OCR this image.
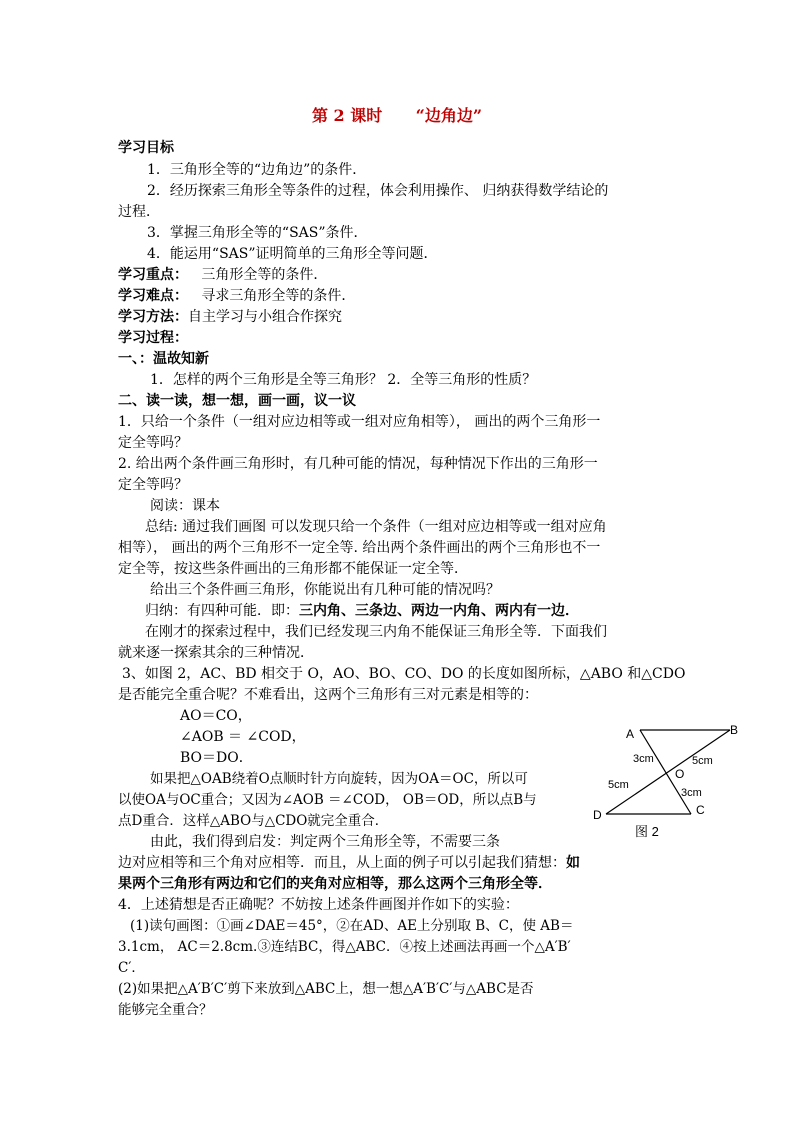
第 2 课时 “边角边”
学习目标
1．三角形全等的“边角边”的条件．
2．经历探索三角形全等条件的过程，体会利用操作、 归纳获得数学结论的
过程．
3．掌握三角形全等的“SAS”条件．
4．能运用“SAS”证明简单的三角形全等问题．
学习重点： 三角形全等的条件．
学习难点： 寻求三角形全等的条件．
学习方法：自主学习与小组合作探究
学习过程：
一、：温故知新
1．怎样的两个三角形是全等三角形？ 2．全等三角形的性质？
二、读一读，想一想，画一画，议一议
1．只给一个条件（一组对应边相等或一组对应角相等）， 画出的两个三角形一
定全等吗？
2. 给出两个条件画三角形时，有几种可能的情况，每种情况下作出的三角形一
定全等吗？
阅读：课本
总结: 通过我们画图 可以发现只给一个条件（一组对应边相等或一组对应角
相等）， 画出的两个三角形不一定全等. 给出两个条件画出的两个三角形也不一
定全等，按这些条件画出的三角形都不能保证一定全等．
给出三个条件画三角形，你能说出有几种可能的情况吗？
归纳：有四种可能．即：三内角、三条边、两边一内角、两内有一边．
在刚才的探索过程中，我们已经发现三内角不能保证三角形全等．下面我们
就来逐一探索其余的三种情况．
3、如图 2，AC、BD 相交于 O，AO、BO、CO、DO 的长度如图所标，△ABO 和△CDO
是否能完全重合呢？不难看出，这两个三角形有三对元素是相等的：
AO＝CO，
∠AOB ＝ ∠COD，
BO＝DO．
如果把△OAB绕着O点顺时针方向旋转，因为OA＝OC，所以可
以使OA与OC重合；又因为∠AOB ＝∠COD， OB＝OD，所以点B与
点D重合．这样△ABO与△CDO就完全重合．
由此，我们得到启发：判定两个三角形全等，不需要三条
边对应相等和三个角对应相等．而且，从上面的例子可以引起我们猜想：如
果两个三角形有两边和它们的夹角对应相等，那么这两个三角形全等．
4．上述猜想是否正确呢？不妨按上述条件画图并作如下的实验：
(1)读句画图：①画∠DAE＝45°，②在AD、AE上分别取 B、C，使 AB＝
3.1cm， AC＝2.8cm.③连结BC，得△ABC．④按上述画法再画一个△A′B′
C′．
(2)如果把△A′B′C′剪下来放到△ABC上，想一想△A′B′C′与△ABC是否
能够完全重合？
A	B
C
D
O
3cm	5cm
5cm
3cm
图 2
